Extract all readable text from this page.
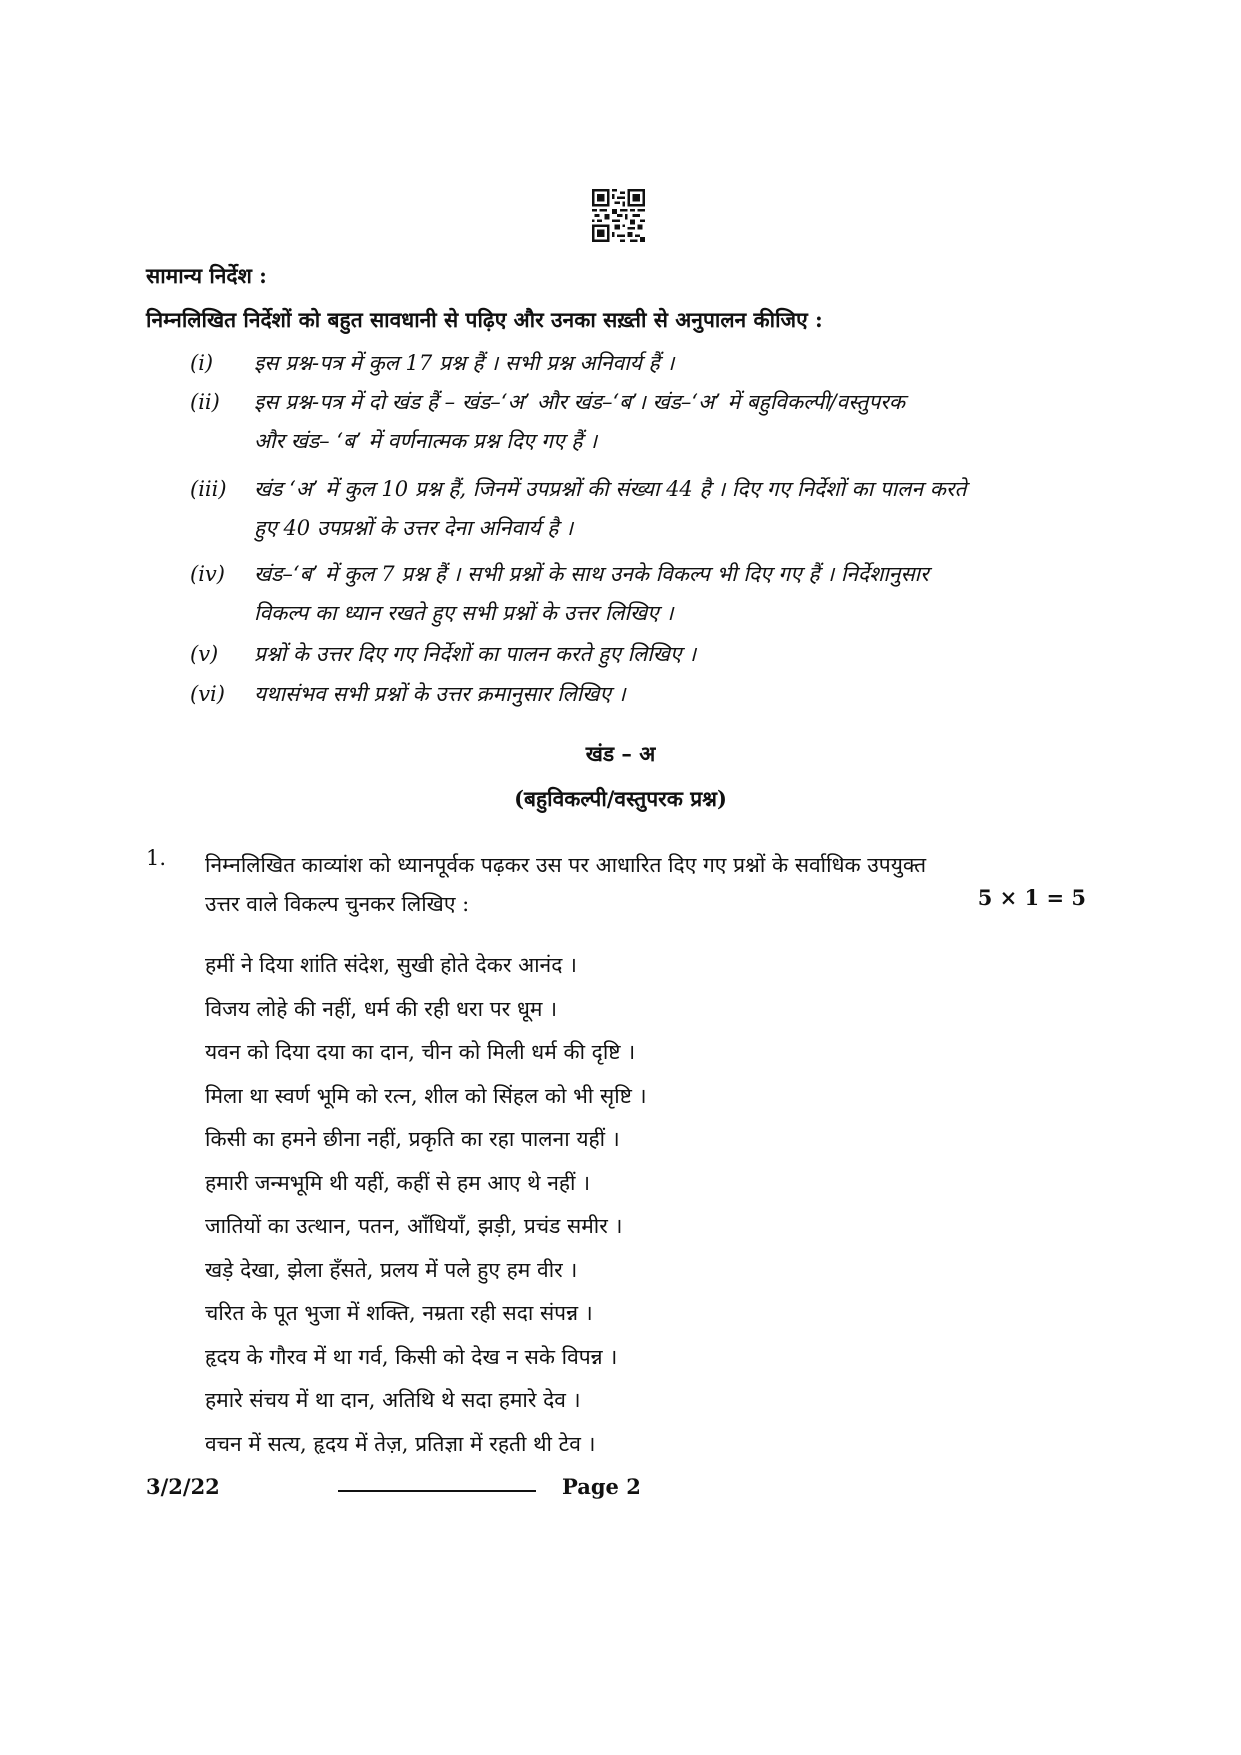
सामान्य निर्देश :
निम्नलिखित निर्देशों को बहुत सावधानी से पढ़िए और उनका सख़्ती से अनुपालन कीजिए :
(i)	इस प्रश्न-पत्र में कुल 17 प्रश्न हैं । सभी प्रश्न अनिवार्य हैं ।
(ii)	इस प्रश्न-पत्र में दो खंड हैं – खंड–‘अ’ और खंड–‘ब’। खंड–‘अ’ में बहुविकल्पी/वस्तुपरक
और खंड– ‘ब’ में वर्णनात्मक प्रश्न दिए गए हैं ।
(iii)	खंड ‘अ’ में कुल 10 प्रश्न हैं, जिनमें उपप्रश्नों की संख्या 44 है । दिए गए निर्देशों का पालन करते
हुए 40 उपप्रश्नों के उत्तर देना अनिवार्य है ।
(iv)	खंड–‘ब’ में कुल 7 प्रश्न हैं । सभी प्रश्नों के साथ उनके विकल्प भी दिए गए हैं । निर्देशानुसार
विकल्प का ध्यान रखते हुए सभी प्रश्नों के उत्तर लिखिए ।
(v)	प्रश्नों के उत्तर दिए गए निर्देशों का पालन करते हुए लिखिए ।
(vi)	यथासंभव सभी प्रश्नों के उत्तर क्रमानुसार लिखिए ।
खंड – अ
(बहुविकल्पी/वस्तुपरक प्रश्न)
1. निम्नलिखित काव्यांश को ध्यानपूर्वक पढ़कर उस पर आधारित दिए गए प्रश्नों के सर्वाधिक उपयुक्त
उत्तर वाले विकल्प चुनकर लिखिए :	5 × 1 = 5
हमीं ने दिया शांति संदेश, सुखी होते देकर आनंद ।
विजय लोहे की नहीं, धर्म की रही धरा पर धूम ।
यवन को दिया दया का दान, चीन को मिली धर्म की दृष्टि ।
मिला था स्वर्ण भूमि को रत्न, शील को सिंहल को भी सृष्टि ।
किसी का हमने छीना नहीं, प्रकृति का रहा पालना यहीं ।
हमारी जन्मभूमि थी यहीं, कहीं से हम आए थे नहीं ।
जातियों का उत्थान, पतन, आँधियाँ, झड़ी, प्रचंड समीर ।
खड़े देखा, झेला हँसते, प्रलय में पले हुए हम वीर ।
चरित के पूत भुजा में शक्ति, नम्रता रही सदा संपन्न ।
हृदय के गौरव में था गर्व, किसी को देख न सके विपन्न ।
हमारे संचय में था दान, अतिथि थे सदा हमारे देव ।
वचन में सत्य, हृदय में तेज़, प्रतिज्ञा में रहती थी टेव ।
3/2/22	Page 2
